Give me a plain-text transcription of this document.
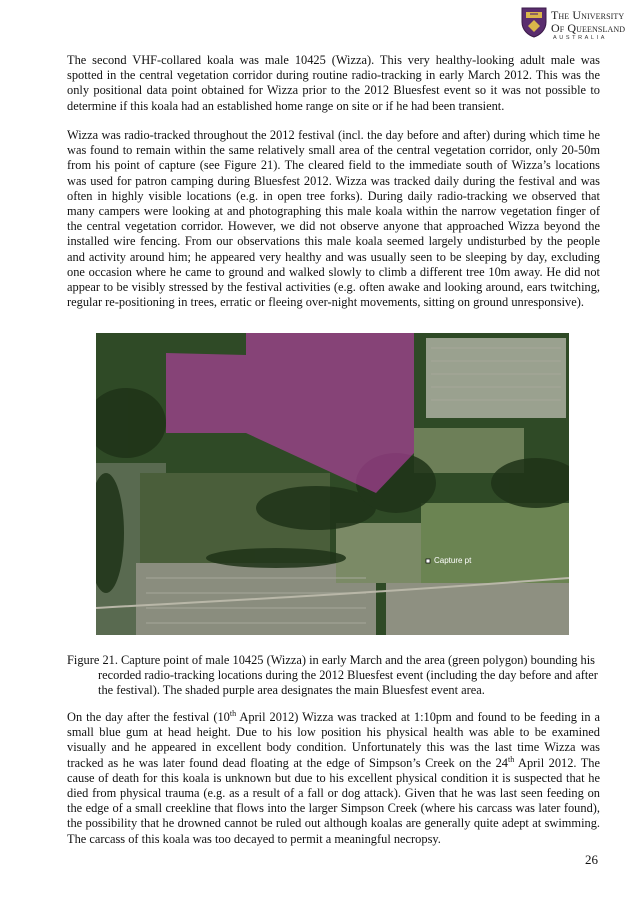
The University
Of Queensland
AUSTRALIA

The second VHF-collared koala was male 10425 (Wizza). This very healthy-looking adult male was spotted in the central vegetation corridor during routine radio-tracking in early March 2012. This was the only positional data point obtained for Wizza prior to the 2012 Bluesfest event so it was not possible to determine if this koala had an established home range on site or if he had been transient.

Wizza was radio-tracked throughout the 2012 festival (incl. the day before and after) during which time he was found to remain within the same relatively small area of the central vegetation corridor, only 20-50m from his point of capture (see Figure 21). The cleared field to the immediate south of Wizza’s locations was used for patron camping during Bluesfest 2012. Wizza was tracked daily during the festival and was often in highly visible locations (e.g. in open tree forks). During daily radio-tracking we observed that many campers were looking at and photographing this male koala within the narrow vegetation finger of the central vegetation corridor. However, we did not observe anyone that approached Wizza beyond the installed wire fencing. From our observations this male koala seemed largely undisturbed by the people and activity around him; he appeared very healthy and was usually seen to be sleeping by day, excluding one occasion where he came to ground and walked slowly to climb a different tree 10m away. He did not appear to be visibly stressed by the festival activities (e.g. often awake and looking around, ears twitching, regular re-positioning in trees, erratic or fleeing over-night movements, sitting on ground unresponsive).

Capture pt

Figure 21. Capture point of male 10425 (Wizza) in early March and the area (green polygon) bounding his recorded radio-tracking locations during the 2012 Bluesfest event (including the day before and after the festival). The shaded purple area designates the main Bluesfest event area.

On the day after the festival (10th April 2012) Wizza was tracked at 1:10pm and found to be feeding in a small blue gum at head height. Due to his low position his physical health was able to be examined visually and he appeared in excellent body condition. Unfortunately this was the last time Wizza was tracked as he was later found dead floating at the edge of Simpson’s Creek on the 24th April 2012. The cause of death for this koala is unknown but due to his excellent physical condition it is suspected that he died from physical trauma (e.g. as a result of a fall or dog attack). Given that he was last seen feeding on the edge of a small creekline that flows into the larger Simpson Creek (where his carcass was later found), the possibility that he drowned cannot be ruled out although koalas are generally quite adept at swimming. The carcass of this koala was too decayed to permit a meaningful necropsy.

26
